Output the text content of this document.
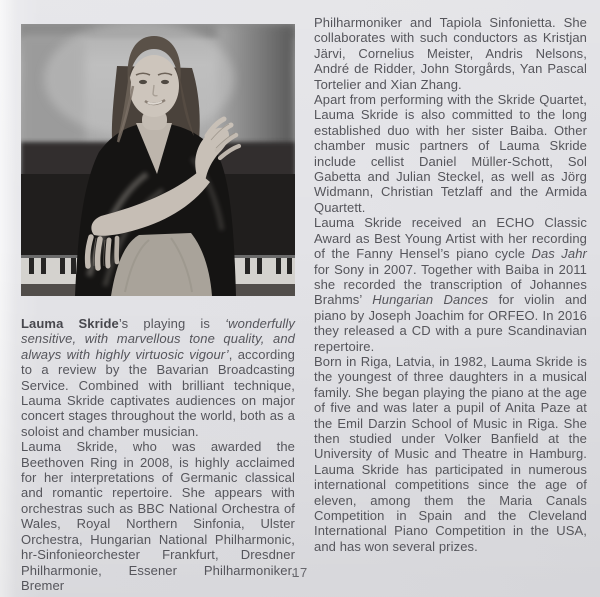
Lauma Skride’s playing is ‘wonderfully sensitive, with marvellous tone quality, and always with highly virtuosic vigour’, according to a review by the Bavarian Broadcasting Service. Combined with brilliant technique, Lauma Skride captivates audiences on major concert stages throughout the world, both as a soloist and chamber musician.

Lauma Skride, who was awarded the Beethoven Ring in 2008, is highly acclaimed for her interpretations of Germanic classical and romantic repertoire. She appears with orchestras such as BBC National Orchestra of Wales, Royal Northern Sinfonia, Ulster Orchestra, Hungarian National Philharmonic, hr-Sinfonieorchester Frankfurt, Dresdner Philharmonie, Essener Philharmoniker, Bremer

Philharmoniker and Tapiola Sinfonietta. She collaborates with such conductors as Kristjan Järvi, Cornelius Meister, Andris Nelsons, André de Ridder, John Storgårds, Yan Pascal Tortelier and Xian Zhang.

Apart from performing with the Skride Quartet, Lauma Skride is also committed to the long established duo with her sister Baiba. Other chamber music partners of Lauma Skride include cellist Daniel Müller-Schott, Sol Gabetta and Julian Steckel, as well as Jörg Widmann, Christian Tetzlaff and the Armida Quartett.

Lauma Skride received an ECHO Classic Award as Best Young Artist with her recording of the Fanny Hensel’s piano cycle Das Jahr for Sony in 2007. Together with Baiba in 2011 she recorded the transcription of Johannes Brahms’ Hungarian Dances for violin and piano by Joseph Joachim for ORFEO. In 2016 they released a CD with a pure Scandinavian repertoire.

Born in Riga, Latvia, in 1982, Lauma Skride is the youngest of three daughters in a musical family. She began playing the piano at the age of five and was later a pupil of Anita Paze at the Emil Darzin School of Music in Riga. She then studied under Volker Banfield at the University of Music and Theatre in Hamburg. Lauma Skride has participated in numerous international competitions since the age of eleven, among them the Maria Canals Competition in Spain and the Cleveland International Piano Competition in the USA, and has won several prizes.

17
